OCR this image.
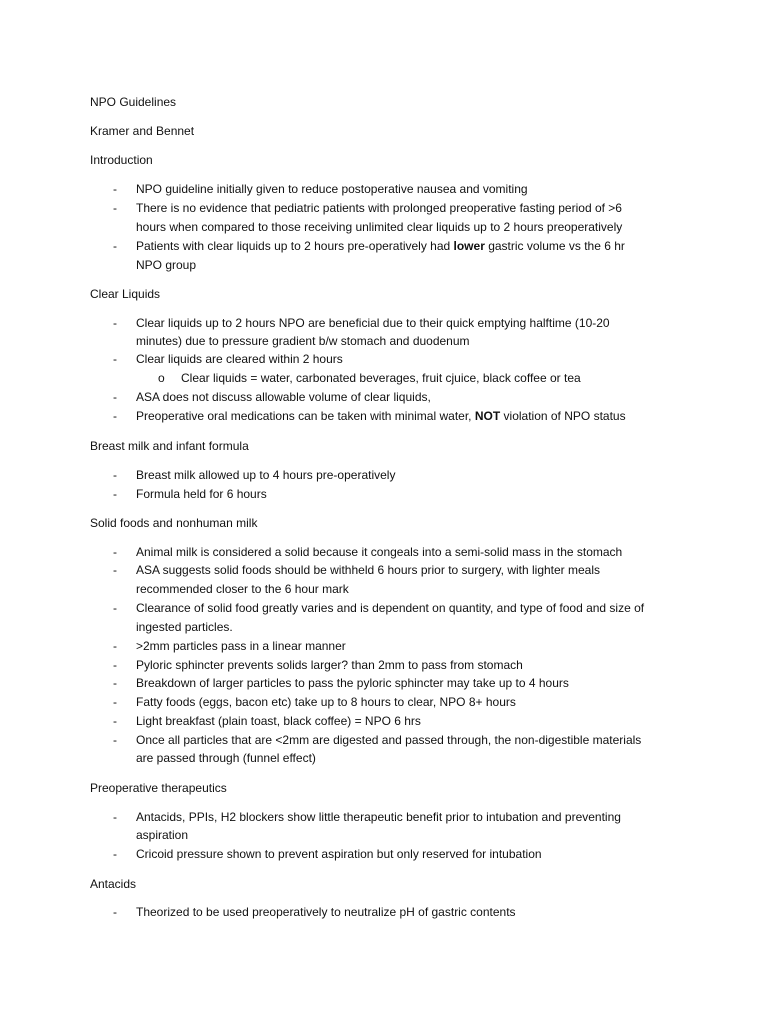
NPO Guidelines
Kramer and Bennet
Introduction
- NPO guideline initially given to reduce postoperative nausea and vomiting
- There is no evidence that pediatric patients with prolonged preoperative fasting period of >6
hours when compared to those receiving unlimited clear liquids up to 2 hours preoperatively
- Patients with clear liquids up to 2 hours pre-operatively had lower gastric volume vs the 6 hr
NPO group
Clear Liquids
- Clear liquids up to 2 hours NPO are beneficial due to their quick emptying halftime (10-20
minutes) due to pressure gradient b/w stomach and duodenum
- Clear liquids are cleared within 2 hours
o Clear liquids = water, carbonated beverages, fruit cjuice, black coffee or tea
- ASA does not discuss allowable volume of clear liquids,
- Preoperative oral medications can be taken with minimal water, NOT violation of NPO status
Breast milk and infant formula
- Breast milk allowed up to 4 hours pre-operatively
- Formula held for 6 hours
Solid foods and nonhuman milk
- Animal milk is considered a solid because it congeals into a semi-solid mass in the stomach
- ASA suggests solid foods should be withheld 6 hours prior to surgery, with lighter meals
recommended closer to the 6 hour mark
- Clearance of solid food greatly varies and is dependent on quantity, and type of food and size of
ingested particles.
- >2mm particles pass in a linear manner
- Pyloric sphincter prevents solids larger? than 2mm to pass from stomach
- Breakdown of larger particles to pass the pyloric sphincter may take up to 4 hours
- Fatty foods (eggs, bacon etc) take up to 8 hours to clear, NPO 8+ hours
- Light breakfast (plain toast, black coffee) = NPO 6 hrs
- Once all particles that are <2mm are digested and passed through, the non-digestible materials
are passed through (funnel effect)
Preoperative therapeutics
- Antacids, PPIs, H2 blockers show little therapeutic benefit prior to intubation and preventing
aspiration
- Cricoid pressure shown to prevent aspiration but only reserved for intubation
Antacids
- Theorized to be used preoperatively to neutralize pH of gastric contents
